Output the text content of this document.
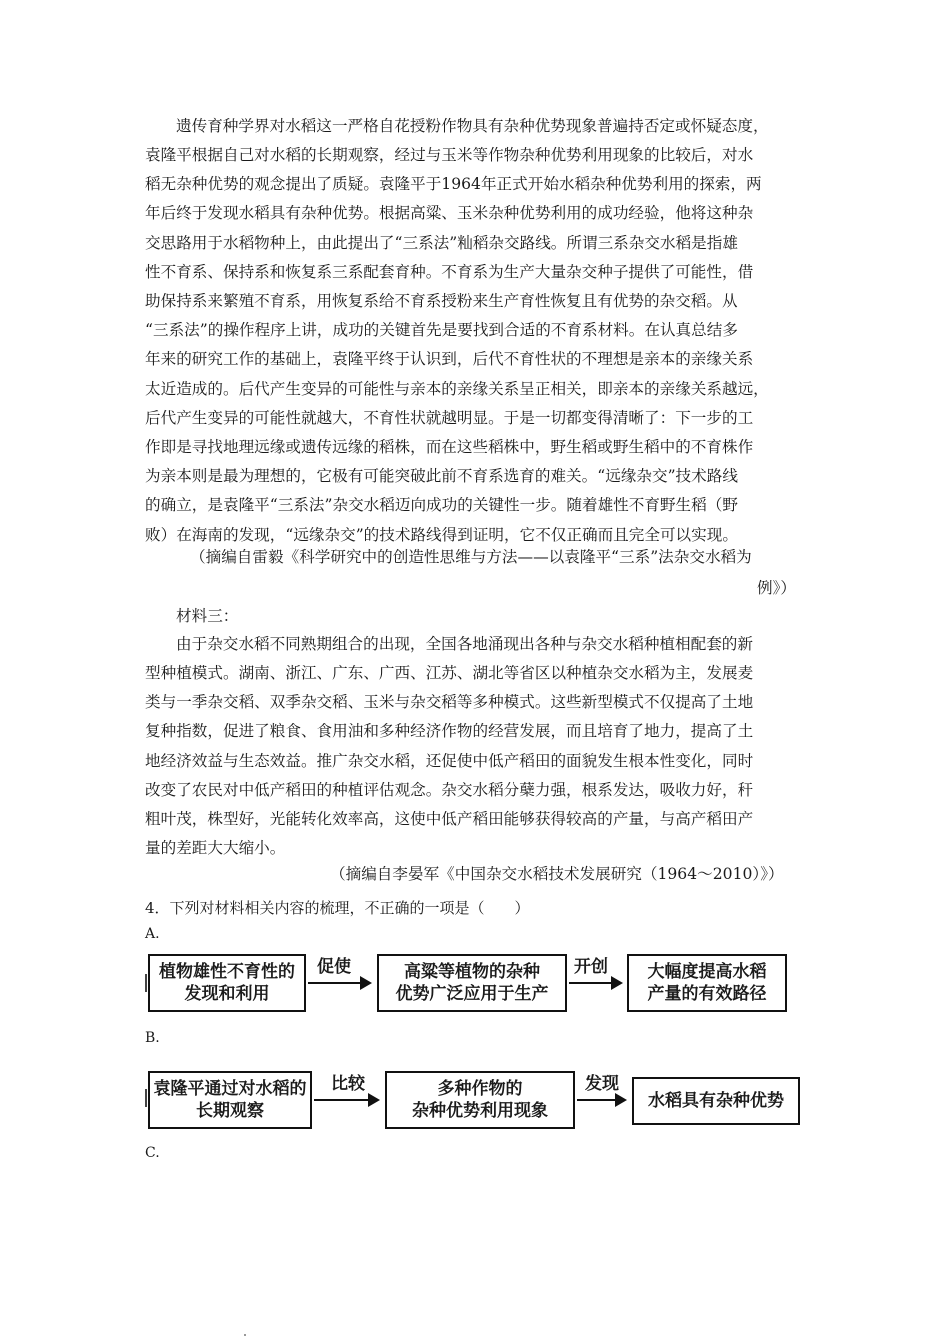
遗传育种学界对水稻这一严格自花授粉作物具有杂种优势现象普遍持否定或怀疑态度，
袁隆平根据自己对水稻的长期观察，经过与玉米等作物杂种优势利用现象的比较后，对水
稻无杂种优势的观念提出了质疑。袁隆平于1964年正式开始水稻杂种优势利用的探索，两
年后终于发现水稻具有杂种优势。根据高粱、玉米杂种优势利用的成功经验，他将这种杂
交思路用于水稻物种上，由此提出了“三系法”籼稻杂交路线。所谓三系杂交水稻是指雄
性不育系、保持系和恢复系三系配套育种。不育系为生产大量杂交种子提供了可能性，借
助保持系来繁殖不育系，用恢复系给不育系授粉来生产育性恢复且有优势的杂交稻。从
“三系法”的操作程序上讲，成功的关键首先是要找到合适的不育系材料。在认真总结多
年来的研究工作的基础上，袁隆平终于认识到，后代不育性状的不理想是亲本的亲缘关系
太近造成的。后代产生变异的可能性与亲本的亲缘关系呈正相关，即亲本的亲缘关系越远，
后代产生变异的可能性就越大，不育性状就越明显。于是一切都变得清晰了：下一步的工
作即是寻找地理远缘或遗传远缘的稻株，而在这些稻株中，野生稻或野生稻中的不育株作
为亲本则是最为理想的，它极有可能突破此前不育系选育的难关。“远缘杂交”技术路线
的确立，是袁隆平“三系法”杂交水稻迈向成功的关键性一步。随着雄性不育野生稻（野
败）在海南的发现，“远缘杂交”的技术路线得到证明，它不仅正确而且完全可以实现。
（摘编自雷毅《科学研究中的创造性思维与方法——以袁隆平“三系”法杂交水稻为
例》）
材料三：
由于杂交水稻不同熟期组合的出现，全国各地涌现出各种与杂交水稻种植相配套的新
型种植模式。湖南、浙江、广东、广西、江苏、湖北等省区以种植杂交水稻为主，发展麦
类与一季杂交稻、双季杂交稻、玉米与杂交稻等多种模式。这些新型模式不仅提高了土地
复种指数，促进了粮食、食用油和多种经济作物的经营发展，而且培育了地力，提高了土
地经济效益与生态效益。推广杂交水稻，还促使中低产稻田的面貌发生根本性变化，同时
改变了农民对中低产稻田的种植评估观念。杂交水稻分蘖力强，根系发达，吸收力好，秆
粗叶茂，株型好，光能转化效率高，这使中低产稻田能够获得较高的产量，与高产稻田产
量的差距大大缩小。
（摘编自李晏军《中国杂交水稻技术发展研究（1964～2010）》）
4．下列对材料相关内容的梳理，不正确的一项是（　　）
A.
植物雄性不育性的
发现和利用
促使	高粱等植物的杂种
优势广泛应用于生产
开创 大幅度提高水稻
产量的有效路径
B.
袁隆平通过对水稻的
长期观察
比较	多种作物的
杂种优势利用现象
发现
水稻具有杂种优势
C.
